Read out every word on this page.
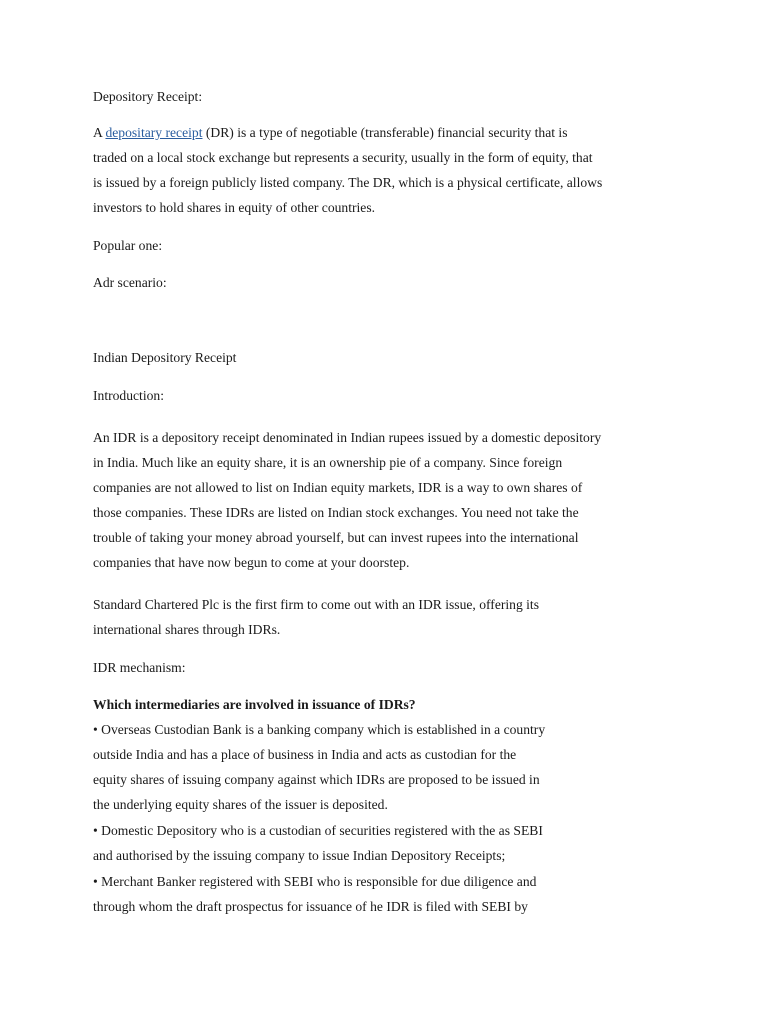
Depository Receipt:
A depositary receipt (DR) is a type of negotiable (transferable) financial security that is
traded on a local stock exchange but represents a security, usually in the form of equity, that
is issued by a foreign publicly listed company. The DR, which is a physical certificate, allows
investors to hold shares in equity of other countries.
Popular one:
Adr scenario:
Indian Depository Receipt
Introduction:
An IDR is a depository receipt denominated in Indian rupees issued by a domestic depository
in India. Much like an equity share, it is an ownership pie of a company. Since foreign
companies are not allowed to list on Indian equity markets, IDR is a way to own shares of
those companies. These IDRs are listed on Indian stock exchanges. You need not take the
trouble of taking your money abroad yourself, but can invest rupees into the international
companies that have now begun to come at your doorstep.
Standard Chartered Plc is the first firm to come out with an IDR issue, offering its
international shares through IDRs.
IDR mechanism:
Which intermediaries are involved in issuance of IDRs?
• Overseas Custodian Bank is a banking company which is established in a country
outside India and has a place of business in India and acts as custodian for the
equity shares of issuing company against which IDRs are proposed to be issued in
the underlying equity shares of the issuer is deposited.
• Domestic Depository who is a custodian of securities registered with the as SEBI
and authorised by the issuing company to issue Indian Depository Receipts;
• Merchant Banker registered with SEBI who is responsible for due diligence and
through whom the draft prospectus for issuance of he IDR is filed with SEBI by
